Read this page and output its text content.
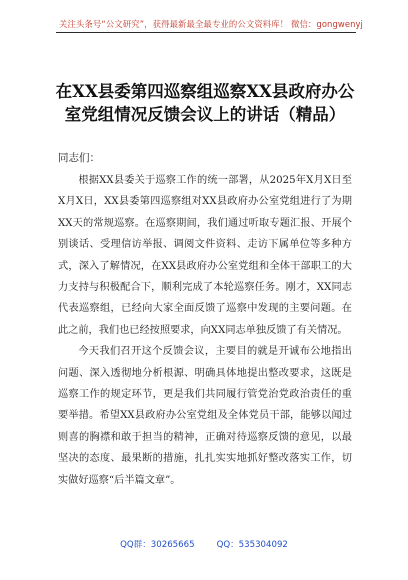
关注头条号“公文研究”，获得最新最全最专业的公文资料库！ 微信：gongwenyj
在XX县委第四巡察组巡察XX县政府办公室党组情况反馈会议上的讲话（精品）
同志们：

根据XX县委关于巡察工作的统一部署，从2025年X月X日至X月X日，XX县委第四巡察组对XX县政府办公室党组进行了为期XX天的常规巡察。在巡察期间，我们通过听取专题汇报、开展个别谈话、受理信访举报、调阅文件资料、走访下属单位等多种方式，深入了解情况，在XX县政府办公室党组和全体干部职工的大力支持与积极配合下，顺利完成了本轮巡察任务。刚才，XX同志代表巡察组，已经向大家全面反馈了巡察中发现的主要问题。在此之前，我们也已经按照要求，向XX同志单独反馈了有关情况。

今天我们召开这个反馈会议，主要目的就是开诚布公地指出问题、深入透彻地分析根源、明确具体地提出整改要求，这既是巡察工作的规定环节，更是我们共同履行管党治党政治责任的重要举措。希望XX县政府办公室党组及全体党员干部，能够以闻过则喜的胸襟和敢于担当的精神，正确对待巡察反馈的意见，以最坚决的态度、最果断的措施，扎扎实实地抓好整改落实工作，切实做好巡察“后半篇文章”。

QQ群：30265665	QQ：535304092
